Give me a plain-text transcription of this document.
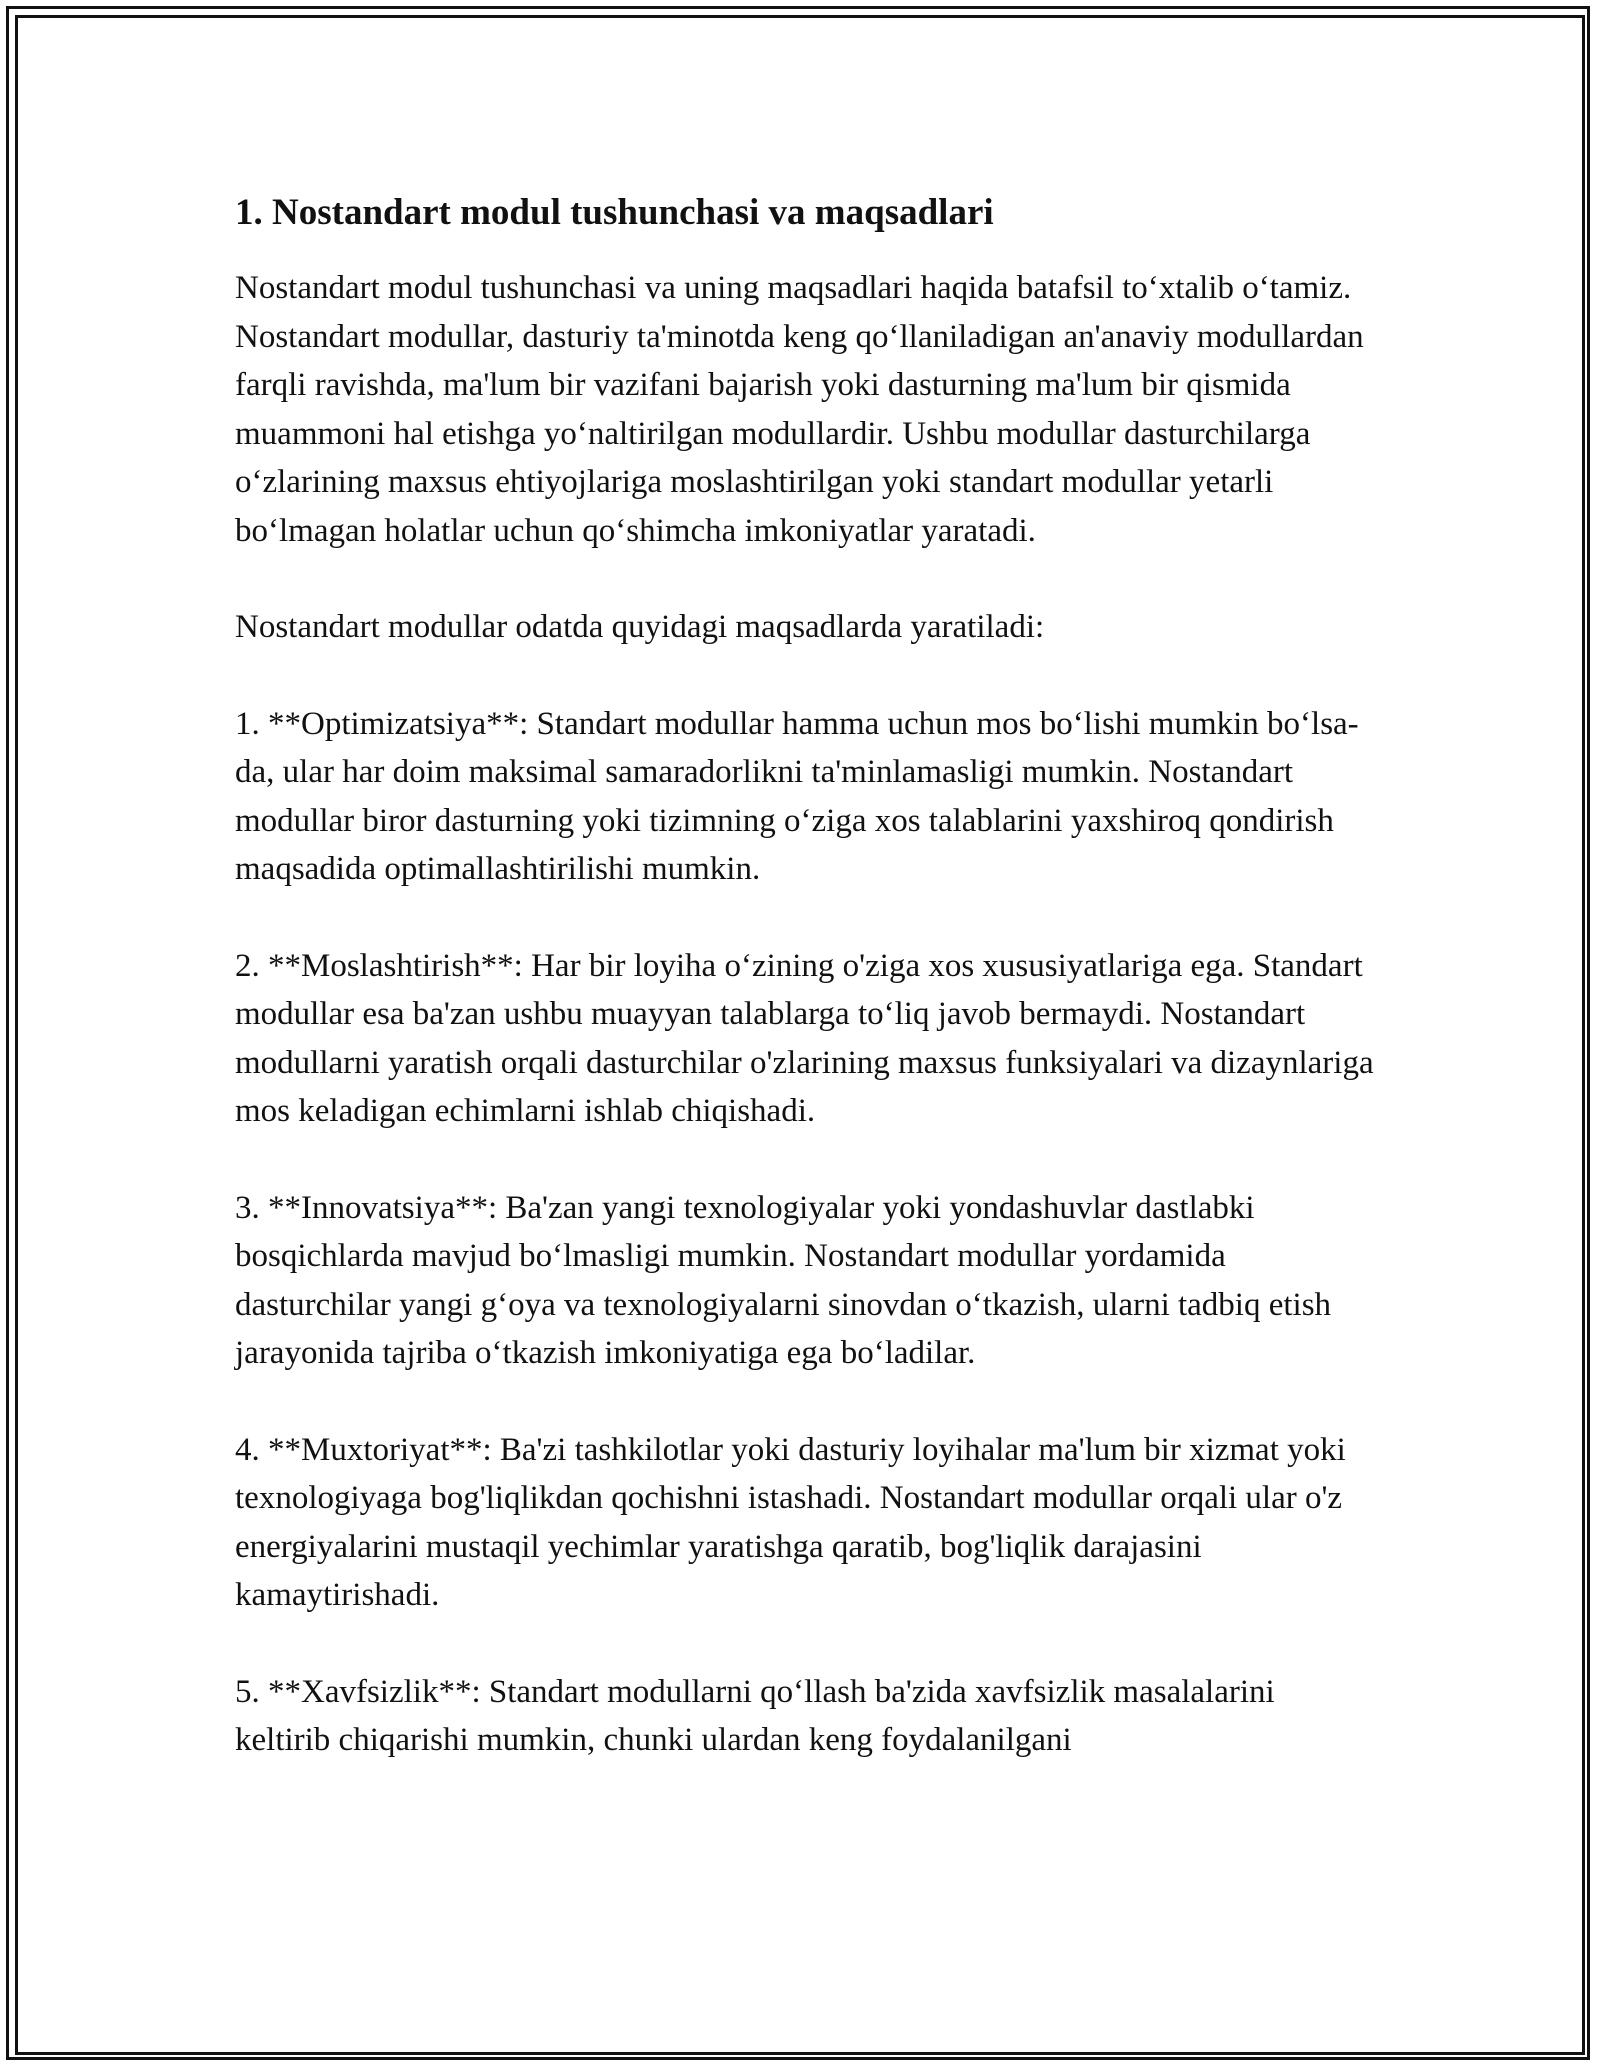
1. Nostandart modul tushunchasi va maqsadlari

Nostandart modul tushunchasi va uning maqsadlari haqida batafsil to‘xtalib o‘tamiz. Nostandart modullar, dasturiy ta'minotda keng qo‘llaniladigan an'anaviy modullardan farqli ravishda, ma'lum bir vazifani bajarish yoki dasturning ma'lum bir qismida muammoni hal etishga yo‘naltirilgan modullardir. Ushbu modullar dasturchilarga o‘zlarining maxsus ehtiyojlariga moslashtirilgan yoki standart modullar yetarli bo‘lmagan holatlar uchun qo‘shimcha imkoniyatlar yaratadi.

Nostandart modullar odatda quyidagi maqsadlarda yaratiladi:

1. **Optimizatsiya**: Standart modullar hamma uchun mos bo‘lishi mumkin bo‘lsa-da, ular har doim maksimal samaradorlikni ta'minlamasligi mumkin. Nostandart modullar biror dasturning yoki tizimning o‘ziga xos talablarini yaxshiroq qondirish maqsadida optimallashtirilishi mumkin.

2. **Moslashtirish**: Har bir loyiha o‘zining o'ziga xos xususiyatlariga ega. Standart modullar esa ba'zan ushbu muayyan talablarga to‘liq javob bermaydi. Nostandart modullarni yaratish orqali dasturchilar o'zlarining maxsus funksiyalari va dizaynlariga mos keladigan echimlarni ishlab chiqishadi.

3. **Innovatsiya**: Ba'zan yangi texnologiyalar yoki yondashuvlar dastlabki bosqichlarda mavjud bo‘lmasligi mumkin. Nostandart modullar yordamida dasturchilar yangi g‘oya va texnologiyalarni sinovdan o‘tkazish, ularni tadbiq etish jarayonida tajriba o‘tkazish imkoniyatiga ega bo‘ladilar.

4. **Muxtoriyat**: Ba'zi tashkilotlar yoki dasturiy loyihalar ma'lum bir xizmat yoki texnologiyaga bog'liqlikdan qochishni istashadi. Nostandart modullar orqali ular o'z energiyalarini mustaqil yechimlar yaratishga qaratib, bog'liqlik darajasini kamaytirishadi.

5. **Xavfsizlik**: Standart modullarni qo‘llash ba'zida xavfsizlik masalalarini keltirib chiqarishi mumkin, chunki ulardan keng foydalanilgani
